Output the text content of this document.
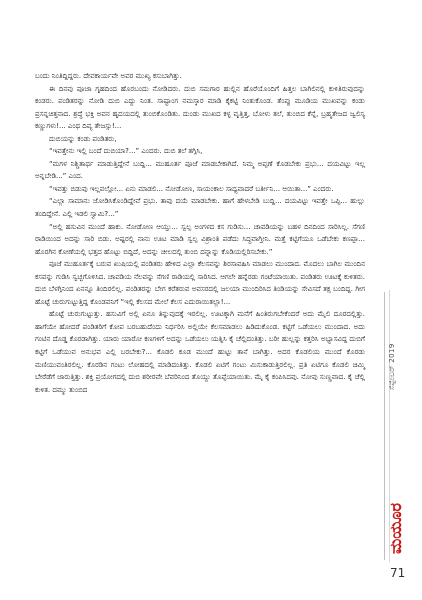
ಬಂದು ನಿಂತಿದ್ದಿದ್ದರು. ದೇವಕಾರ್ಯವೇ ಅವರ ಮುಖ್ಯ ಕಸುಬಾಗಿತ್ತು.

ಈ ದಿನವು ಪೂಜಾ ಗೃಹದಿಂದ ಹೊರಬಂದು ನೋಡಿದರು. ದುಬಿ ಸಮಗಾರ ಹುಲ್ಲಿನ ಹೊರೆಯೊಂದಿಗೆ ಹಿತ್ತಲ ಬಾಗಿಲಿನಲ್ಲಿ ಕುಳಿತಿರುವುದನ್ನು ಕಂಡರು. ಪಂಡಿತರನ್ನು ನೋಡಿ ದುಬಿ ಎದ್ದು ನಿಂತ. ಸಾಷ್ಟಾಂಗ ನಮಸ್ಕಾರ ಮಾಡಿ ಕೈಕಟ್ಟಿ ನಿಂತುಕೊಂಡ. ತೆಂಪ್ಪು ಮೂಡಿಯ ಮುಖವನ್ನು ಕಂಡು ಪ್ರಸನ್ನಚಿತ್ತನಾದ. ಶ್ರದ್ಧೆ ಭಕ್ತಿ ಅವನ ಹೃದಯದಲ್ಲಿ ತುಂಬಿಕೊಂಡಿತು. ದುಂಡು ಮುಖದ ಕಳ್ಳ ವೃತ್ತಿತ್ತ, ಬೋಳು ತಲೆ, ತುಂಬಿದ ಕೆನ್ನೆ, ಬ್ರಹ್ಮತೇಜದ ಜ್ವಲಿಸ್ಯ ಕಣ್ಣುಗಳು!... ಎಂಥ ದಿವ್ಯ ತೇಜಸ್ಸು!...

ದುಬಿಯನ್ನು ಕಂಡು ಪಂಡಿತರು,

“ಇವತ್ತೇನು ಇಲ್ಲಿ ಬಂದೆ ದುಬಿಯಾ?...” ಎಂದರು. ದುಬಿ ತಲೆ ತಗ್ಗಿಸಿ,

“ಮಗಳ ನಿಶ್ಚಿತಾರ್ಥ ಮಾಡುತ್ತಿದ್ದೇನೆ ಬುದ್ದಿ... ಮುಹೂರ್ತ ಪೂಜೆ ಮಾಡಬೇಕಾಗಿದೆ. ನಿಮ್ಮ ಅಪ್ಪಣೆ ಕೊಡಬೇಕು ಪ್ರಭು... ದಯವಿಟ್ಟು ಇಲ್ಲ ಅನ್ನಬೇಡಿ...” ಎಂದ.

“ಇವತ್ತು ಬಿಡುವು ಇಲ್ಲವಲ್ಲೋ... ಏನು ಮಾಡಲಿ... ನೋಡೋಣ, ಸಾಯಂಕಾಲ ಸಾಧ್ಯವಾದರೆ ಬರ್ತೀನಿ... ಆಯಿತಾ...” ಎಂದರು.

“ಎಲ್ಲಾ ಸಾಮಾನು ಜೋಡಿಸಿಕೊಂಡಿದ್ದೇವೆ ಪ್ರಭು. ತಾವು ದಯೆ ಮಾಡಬೇಕು. ಹಾಗೆ ಹೇಳಬೇಡಿ ಬುದ್ದಿ... ದಯವಿಟ್ಟು ಇವತ್ತೇ ಒಪ್ಪಿ... ಹುಲ್ಲು ತಂದಿದ್ದೇನೆ. ಎಲ್ಲಿ ಇಡಲಿ ಸ್ವಾಮಿ?...”

“ಅಲ್ಲಿ ಹಸುವಿನ ಮುಂದೆ ಹಾಕು. ನೋಡೋಣ ಆಯ್ತು... ಸ್ವಲ್ಪ ಅಂಗಳದ ಕಸ ಗುಡಿಸು... ಚಾವಡಿಯನ್ನು ಬಹಳ ದಿನದಿಂದ ಸಾರಿಸಿಲ್ಲ. ಸೆಗಣಿ ರಾಡಿಯಿಂದ ಅದನ್ನು ಸಾರಿ ಬಿಡು. ಅಷ್ಟರಲ್ಲಿ ನಾನು ಊಟ ಮಾಡಿ ಸ್ವಲ್ಪ ವಿಶ್ರಾಂತಿ ಪಡೆದು ಸಿದ್ಧವಾಗ್ತೀನಿ. ಮತ್ತೆ ಕಟ್ಟಿಗೆಯೂ ಒಡೆಬೇಕು ಕಣಪ್ಪಾ... ಹೊರಗಿನ ಕೋಣೆಯಲ್ಲಿ ಭತ್ತದ ಹೊಟ್ಟು ಬಿದ್ದಿದೆ, ಅದನ್ನು ಚೀಲದಲ್ಲಿ ತುಂಬಿ ದನ್ನಾನ್ನು ಕೊಡಿಯಲ್ಲಿರಿಸಬೇಕು.”

ಪೂಜೆ ಮುಹೂರ್ತಕ್ಕೆ ಬರುವ ಖುಷಿಯಲ್ಲಿ ಪಂಡಿತರು ಹೇಳಿದ ಎಲ್ಲಾ ಕೆಲಸವನ್ನು ಶಿರಸಾವಹಿಸಿ ಮಾಡಲು ಮುಂದಾದ. ಮೊದಲು ಬಾಗಿಲ ಮುಂದಿನ ಕಸವನ್ನು ಗುಡಿಸಿ ಸ್ವಚ್ಛಗೊಳಿಸಿದ. ಚಾವಡಿಯ ನೆಲವನ್ನು ಸೆಗಣಿ ರಾಡಿಯಲ್ಲಿ ಸಾರಿಸಿದ. ಆಗಲೇ ಹನ್ನೆರಡು ಗಂಟೆಯಾಯಿತು. ಪಂಡಿತರು ಊಟಕ್ಕೆ ಕುಳಿತರು. ದುಬಿ ಬೆಳಗ್ಗಿನಿಂದ ಏನನ್ನೂ ತಿಂದಿರಲಿಲ್ಲ. ಪಂಡಿತರನ್ನು ಬೇಗ ಕರೆತರುವ ಅವಸರದಲ್ಲಿ ಜಲಯಾ ಮುಂದಿರಿಸಿದ ತಿಂಡಿಯನ್ನು ಸೇವಿಸದೆ ತಕ್ಷ ಬಂದಿದ್ದ. ಗೀಗ ಹೊಟ್ಟೆ ಚುರುಗುಟ್ಟುತ್ತಿದ್ದ ಕೊಂಡವನಿಗೆ “ಇಲ್ಲಿ ಕೆಲಸದ ಮೇಲೆ ಕೆಲಸ ಎದುರಾಯಿತಲ್ಲಾ!...

ಹೊಟ್ಟೆ ಚುರುಗುಟ್ಟುತ್ತು. ಹಸುವಿಗೆ ಅಲ್ಲಿ ಏನೂ ತಿನ್ನುವುದಕ್ಕೆ ಇರಲಿಲ್ಲ. ಊಟಕ್ಕಾಗಿ ಮನೆಗೆ ಹಿಂತಿರುಗಬೇಕೆಂದರೆ ಅದು ಮೈಲಿ ದೂರದಲ್ಲಿತ್ತು. ಹಾಗೆಯೇ ಹೋದರೆ ಪಂಡಿತರಿಗೆ ಕೋಪ ಬರಬಹುದೆಂದು ನಿರ್ಧರಿಸಿ ಅಲ್ಲಿಯೇ ಕೆಲಸಮಾಡಲು ಹಿಡಿದುಕೊಂಡ. ಕಟ್ಟಿಗೆ ಒಡೆಯಲು ಮುಂದಾದ. ಅದು ಗಂಟಿನ ದೊಡ್ಡ ಕೊರಡಾಗಿತ್ತು. ಯಾರು ಯಾರೋ ಕಣಗಳಿಗೆ ಅದನ್ನು ಒಡೆಯಲು ಯತ್ನಿಸಿ ಕೈ ಚೆಲ್ಲಿದಂತಿತ್ತು. ಬರೀ ಹುಲ್ಲನ್ನು ಕತ್ತರಿಸಿ ಅಭ್ಯಾಸವಿದ್ದ ದುಬಿಗೆ ಕಟ್ಟಿಗೆ ಒಡೆಯುವ ಅನುಭವ ಎಲ್ಲಿ ಬರಬೇಕು?... ಕೊಡಲಿ ಕೂಡ ಮುಂದೆ ಹುಟ್ಟು ತಾನೆ ಬಾಗಿತ್ತು. ಅದರ ಕೊಡಲಿಯ ಮುಂದೆ ಕೊರಡು ಮಣಿಯುವಂತಿರಲಿಲ್ಲ. ಕೊರಡಿನ ಗಂಟು ಲೋಹದಲ್ಲಿ ಮಾಡಿದಂತಿತ್ತು. ಕೊಡಲಿ ಏಟಿಗೆ ಗಂಟು ಮಿಸುಕಾಡುತ್ತಿರಲಿಲ್ಲ. ಪ್ರತಿ ಏಟಿಗೂ ಕೊಡಲಿ ಚಿಮ್ಮಿ ಬೇರೆಡೆಗೆ ಜಾರುತ್ತಿತ್ತು. ಶಕ್ತಿ ಪ್ರಯೋಗದಲ್ಲಿ ದುಬಿ ಶರೀರವೇ ಬೆವರಿನಿಂದ ತೊಯ್ದು ತೊಪ್ಪೆಯಾಯಿತು. ಮೈ ಕೈ ಕಂಪಿಸಿದವು. ನೋವು ಸುಣ್ಣವಾದ. ಕೈ ಚೆಲ್ಲಿ ಕುಳಿತ. ದಮ್ಮು ತುಂಬಿದ	ಸೆಪ್ಟೆಂಬರ್ 2019
ಮಯೂರ
71
